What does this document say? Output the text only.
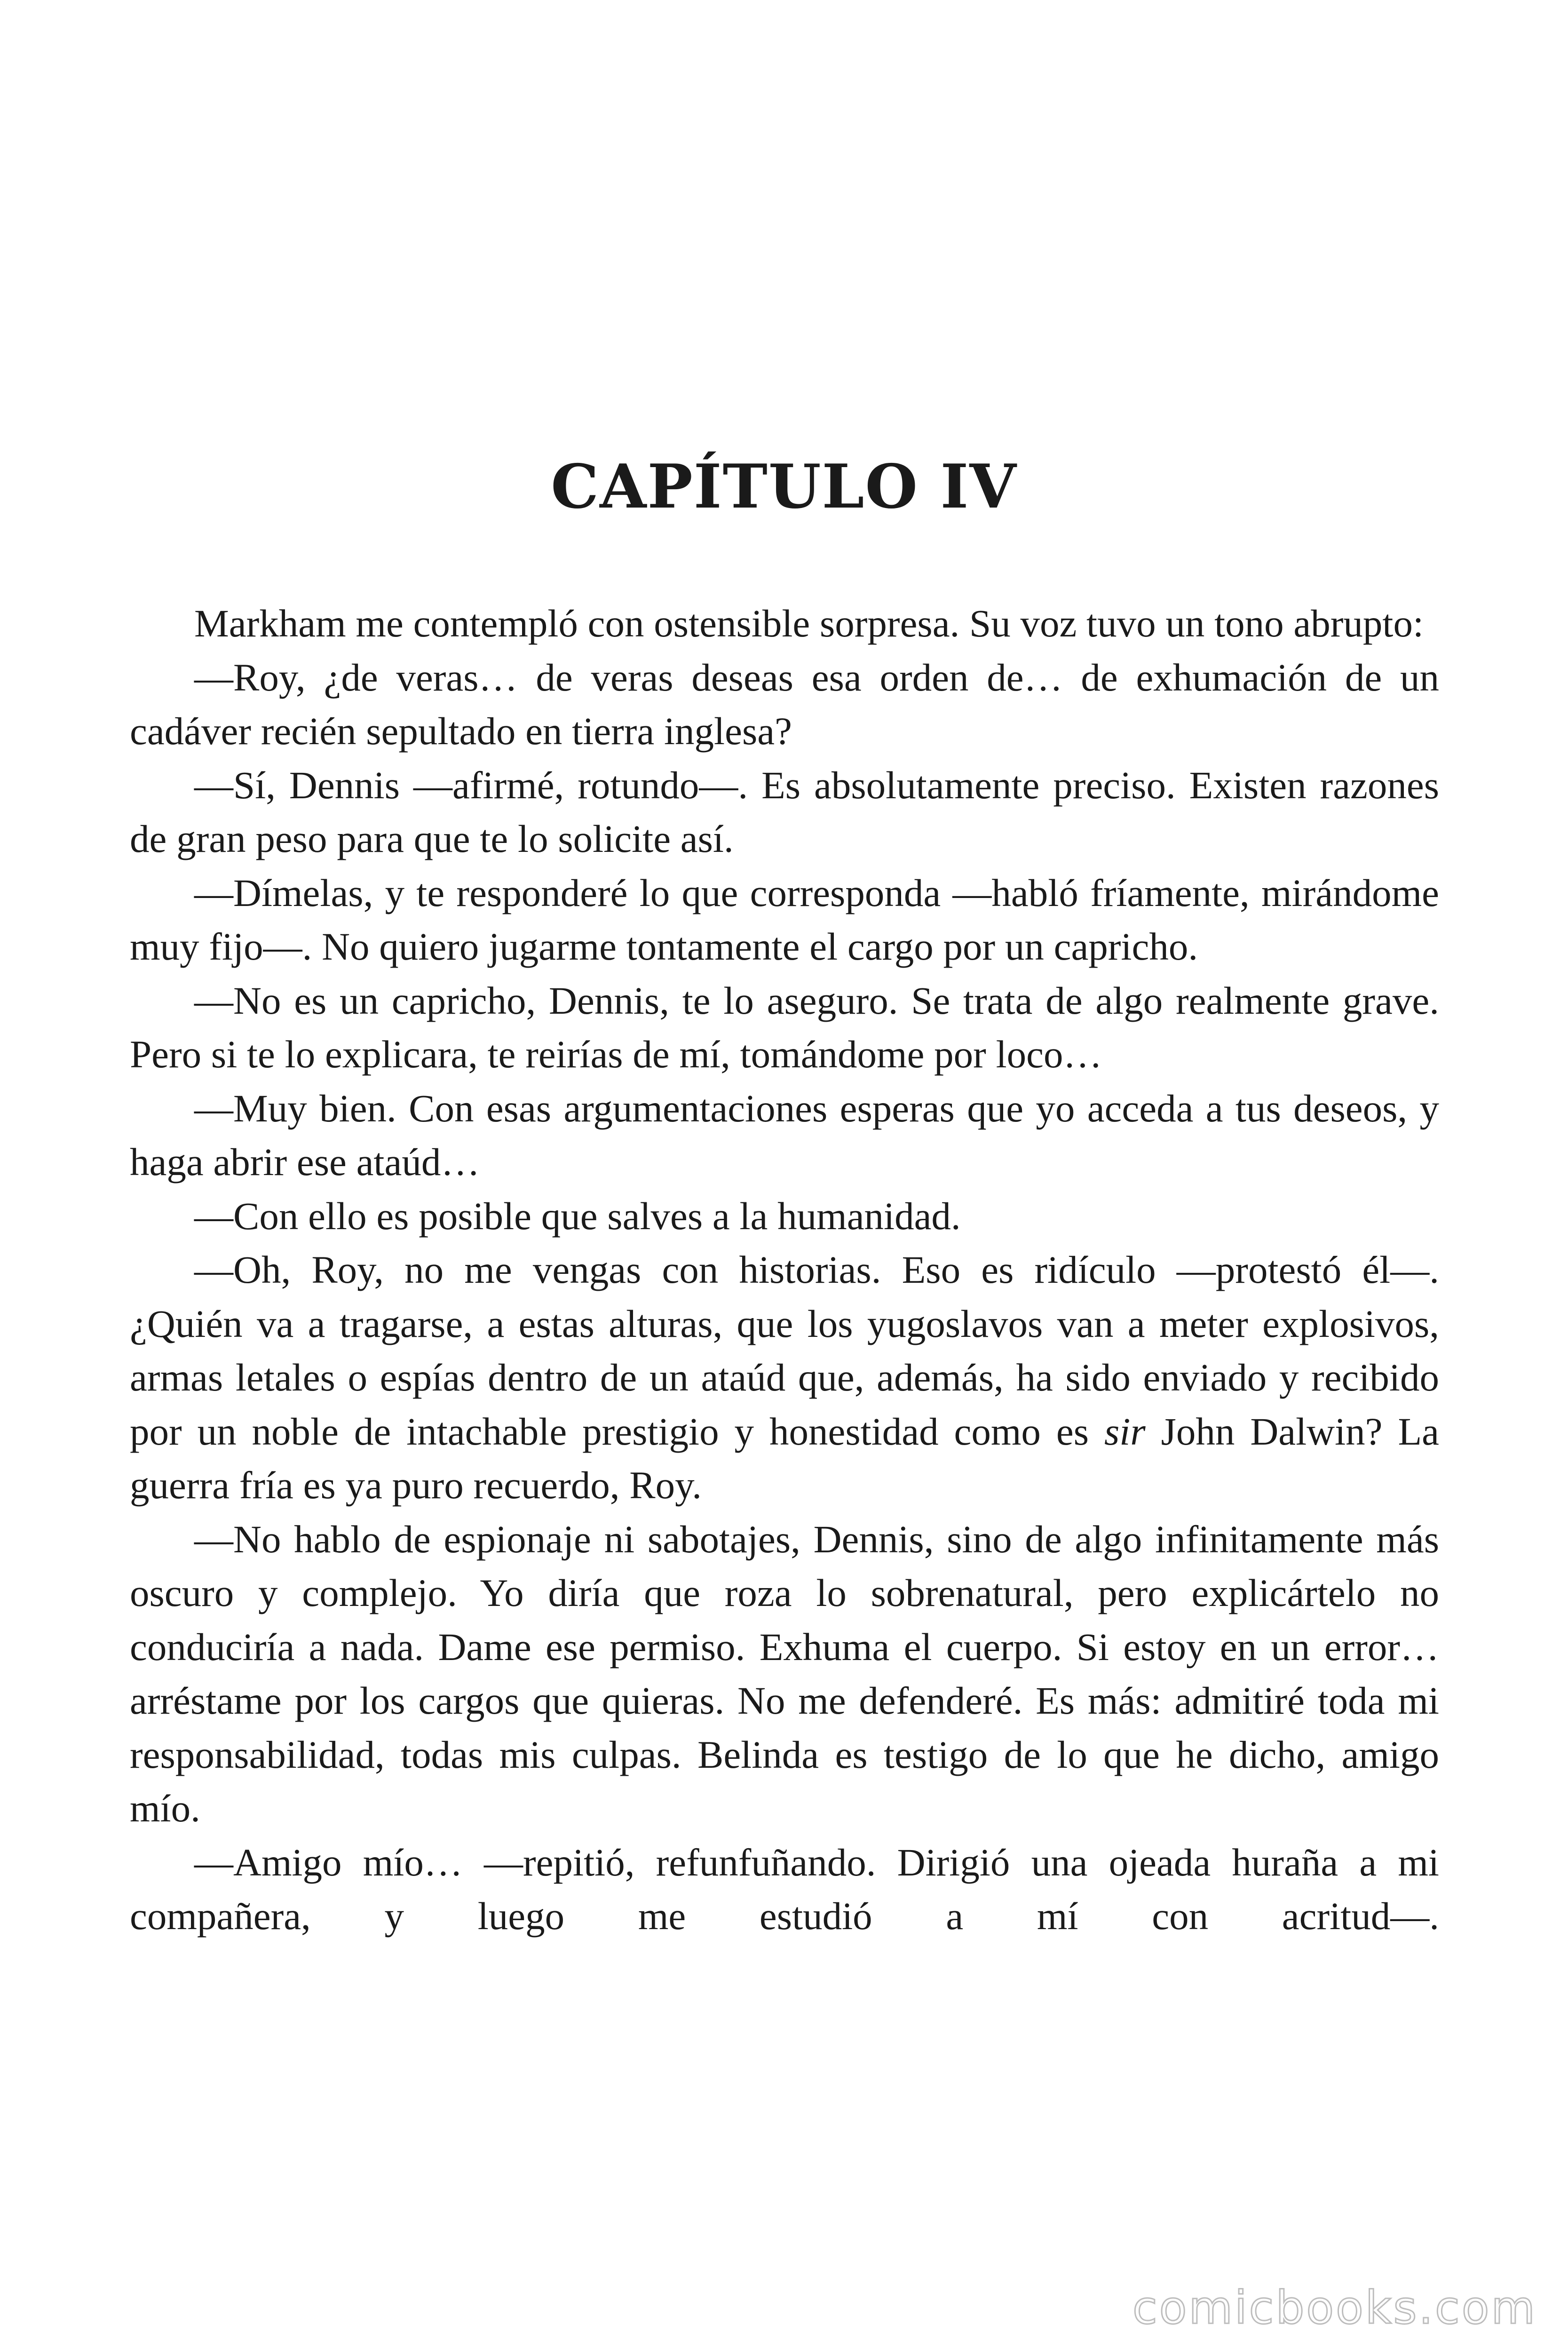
CAPÍTULO IV

Markham me contempló con ostensible sorpresa. Su voz tuvo un tono abrupto:

—Roy, ¿de veras… de veras deseas esa orden de… de exhumación de un cadáver recién sepultado en tierra inglesa?

—Sí, Dennis —afirmé, rotundo—. Es absolutamente preciso. Existen razones de gran peso para que te lo solicite así.

—Dímelas, y te responderé lo que corresponda —habló fríamente, mirándome muy fijo—. No quiero jugarme tontamente el cargo por un capricho.

—No es un capricho, Dennis, te lo aseguro. Se trata de algo realmente grave. Pero si te lo explicara, te reirías de mí, tomándome por loco…

—Muy bien. Con esas argumentaciones esperas que yo acceda a tus deseos, y haga abrir ese ataúd…

—Con ello es posible que salves a la humanidad.

—Oh, Roy, no me vengas con historias. Eso es ridículo —protestó él—. ¿Quién va a tragarse, a estas alturas, que los yugoslavos van a meter explosivos, armas letales o espías dentro de un ataúd que, además, ha sido enviado y recibido por un noble de intachable prestigio y honestidad como es sir John Dalwin? La guerra fría es ya puro recuerdo, Roy.

—No hablo de espionaje ni sabotajes, Dennis, sino de algo infinitamente más oscuro y complejo. Yo diría que roza lo sobrenatural, pero explicártelo no conduciría a nada. Dame ese permiso. Exhuma el cuerpo. Si estoy en un error… arréstame por los cargos que quieras. No me defenderé. Es más: admitiré toda mi responsabilidad, todas mis culpas. Belinda es testigo de lo que he dicho, amigo mío.

—Amigo mío… —repitió, refunfuñando. Dirigió una ojeada huraña a mi compañera, y luego me estudió a mí con acritud—.

comicbooks.com
